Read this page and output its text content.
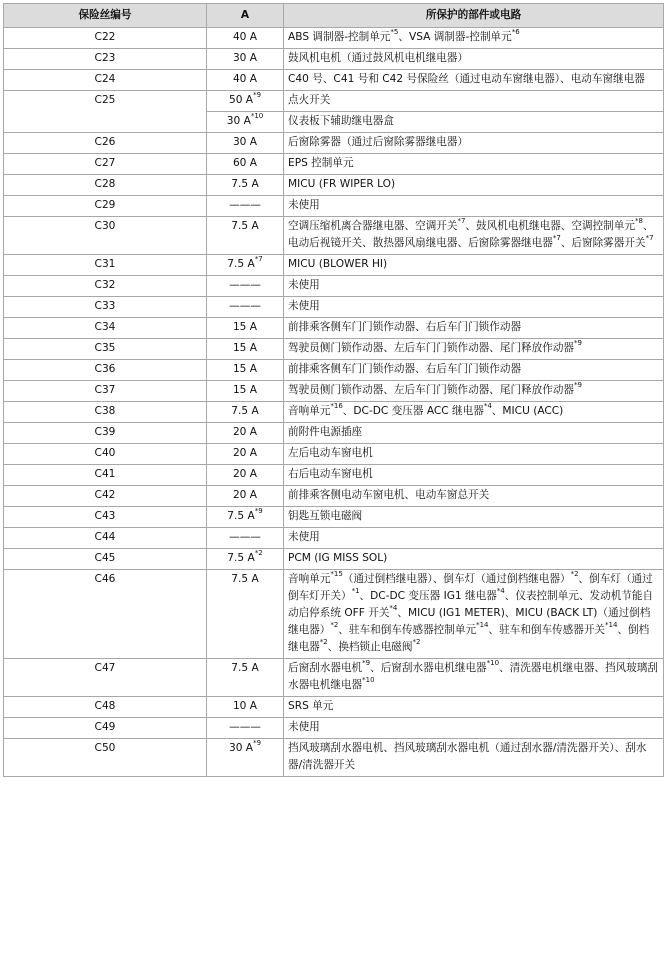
保险丝编号	A	所保护的部件或电路
C22	40 A	ABS 调制器-控制单元$^{*5}$、VSA 调制器-控制单元$^{*6}$
C23	30 A	鼓风机电机（通过鼓风机电机继电器）
C24	40 A	C40 号、C41 号和 C42 号保险丝（通过电动车窗继电器）、电动车窗继电器
C25	50 $A^{*9}$	点火开关
	30 $A^{*10}$	仪表板下辅助继电器盒
C26	30 A	后窗除雾器（通过后窗除雾器继电器）
C27	60 A	EPS 控制单元
C28	7.5 A	MICU (FR WIPER LO)
C29	———	未使用
C30	7.5 A	空调压缩机离合器继电器、空调开关$^{*7}$、鼓风机电机继电器、空调控制单元$^{*8}$、电动后视镜开关、散热器风扇继电器、后窗除雾器继电器$^{*7}$、后窗除雾器开关$^{*7}$
C31	7.5 $A^{*7}$	MICU (BLOWER HI)
C32	———	未使用
C33	———	未使用
C34	15 A	前排乘客侧车门门锁作动器、右后车门门锁作动器
C35	15 A	驾驶员侧门锁作动器、左后车门门锁作动器、尾门释放作动器$^{*9}$
C36	15 A	前排乘客侧车门门锁作动器、右后车门门锁作动器
C37	15 A	驾驶员侧门锁作动器、左后车门门锁作动器、尾门释放作动器$^{*9}$
C38	7.5 A	音响单元$^{*16}$、DC-DC 变压器 ACC 继电器$^{*4}$、MICU (ACC)
C39	20 A	前附件电源插座
C40	20 A	左后电动车窗电机
C41	20 A	右后电动车窗电机
C42	20 A	前排乘客侧电动车窗电机、电动车窗总开关
C43	7.5 $A^{*9}$	钥匙互锁电磁阀
C44	———	未使用
C45	7.5 $A^{*2}$	PCM (IG MISS SOL)
C46	7.5 A	音响单元$^{*15}$（通过倒档继电器）、倒车灯（通过倒档继电器）$^{*2}$、倒车灯（通过倒车灯开关）$^{*1}$、DC-DC 变压器 IG1 继电器$^{*4}$、仪表控制单元、发动机节能自动启停系统 OFF 开关$^{*4}$、MICU (IG1 METER)、MICU (BACK LT)（通过倒档继电器）$^{*2}$、驻车和倒车传感器控制单元$^{*14}$、驻车和倒车传感器开关$^{*14}$、倒档继电器$^{*2}$、换档锁止电磁阀$^{*2}$
C47	7.5 A	后窗刮水器电机$^{*9}$、后窗刮水器电机继电器$^{*10}$、清洗器电机继电器、挡风玻璃刮水器电机继电器$^{*10}$
C48	10 A	SRS 单元
C49	———	未使用
C50	30 $A^{*9}$	挡风玻璃刮水器电机、挡风玻璃刮水器电机（通过刮水器/清洗器开关）、刮水器/清洗器开关
